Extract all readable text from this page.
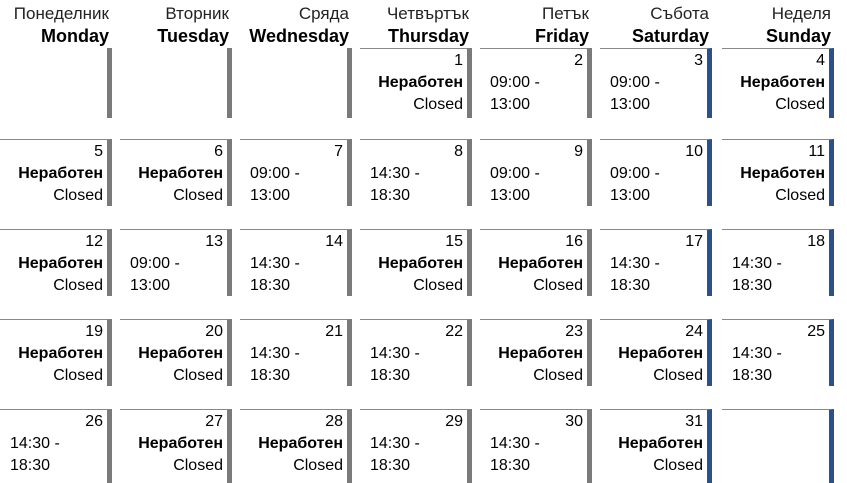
Понеделник
Monday
Вторник
Tuesday
Сряда
Wednesday
Четвъртък
Thursday
Петък
Friday
Събота
Saturday
Неделя
Sunday
1
Неработен
Closed
2
09:00 -
13:00
3
09:00 -
13:00
4
Неработен
Closed
5
Неработен
Closed
6
Неработен
Closed
7
09:00 -
13:00
8
14:30 -
18:30
9
09:00 -
13:00
10
09:00 -
13:00
11
Неработен
Closed
12
Неработен
Closed
13
09:00 -
13:00
14
14:30 -
18:30
15
Неработен
Closed
16
Неработен
Closed
17
14:30 -
18:30
18
14:30 -
18:30
19
Неработен
Closed
20
Неработен
Closed
21
14:30 -
18:30
22
14:30 -
18:30
23
Неработен
Closed
24
Неработен
Closed
25
14:30 -
18:30
26
14:30 -
18:30
27
Неработен
Closed
28
Неработен
Closed
29
14:30 -
18:30
30
14:30 -
18:30
31
Неработен
Closed
